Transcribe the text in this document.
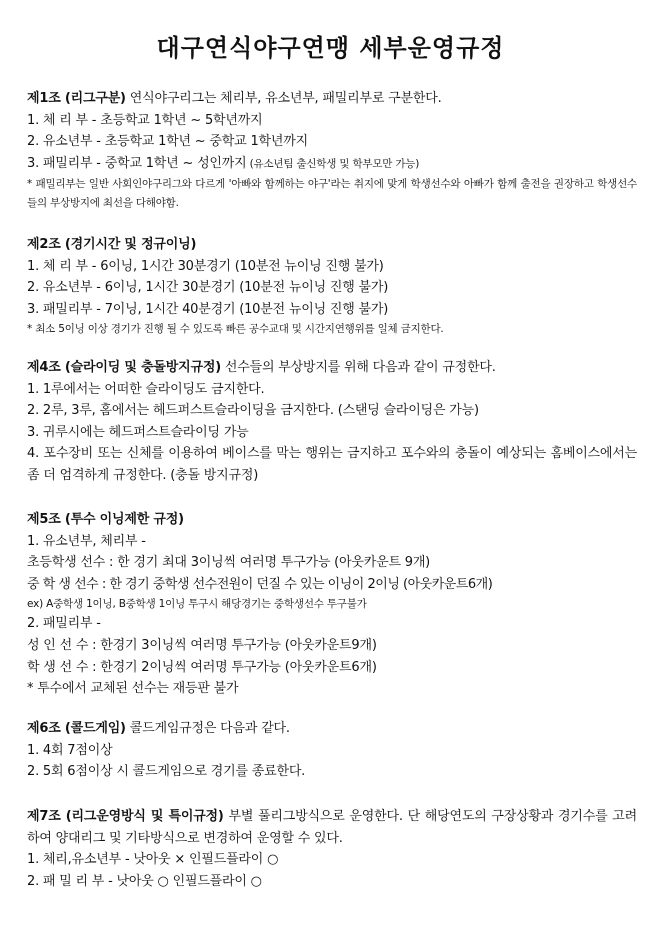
대구연식야구연맹 세부운영규정
제1조 (리그구분) 연식야구리그는 체리부, 유소년부, 패밀리부로 구분한다.
1. 체 리 부 - 초등학교 1학년 ~ 5학년까지
2. 유소년부 - 초등학교 1학년 ~ 중학교 1학년까지
3. 패밀리부 - 중학교 1학년 ~ 성인까지 (유소년팀 출신학생 및 학부모만 가능)
* 패밀리부는 일반 사회인야구리그와 다르게 '아빠와 함께하는 야구'라는 취지에 맞게 학생선수와 아빠가 함께 출전을 권장하고 학생선수들의 부상방지에 최선을 다해야함.
제2조 (경기시간 및 정규이닝)
1. 체 리 부 - 6이닝, 1시간 30분경기 (10분전 뉴이닝 진행 불가)
2. 유소년부 - 6이닝, 1시간 30분경기 (10분전 뉴이닝 진행 불가)
3. 패밀리부 - 7이닝, 1시간 40분경기 (10분전 뉴이닝 진행 불가)
* 최소 5이닝 이상 경기가 진행 될 수 있도록 빠른 공수교대 및 시간지연행위를 일체 금지한다.
제4조 (슬라이딩 및 충돌방지규정) 선수들의 부상방지를 위해 다음과 같이 규정한다.
1. 1루에서는 어떠한 슬라이딩도 금지한다.
2. 2루, 3루, 홈에서는 헤드퍼스트슬라이딩을 금지한다. (스탠딩 슬라이딩은 가능)
3. 귀루시에는 헤드퍼스트슬라이딩 가능
4. 포수장비 또는 신체를 이용하여 베이스를 막는 행위는 금지하고 포수와의 충돌이 예상되는 홈베이스에서는 좀 더 엄격하게 규정한다. (충돌 방지규정)
제5조 (투수 이닝제한 규정)
1. 유소년부, 체리부 -
초등학생 선수 : 한 경기 최대 3이닝씩 여러명 투구가능 (아웃카운트 9개)
중 학 생 선수 : 한 경기 중학생 선수전원이 던질 수 있는 이닝이 2이닝 (아웃카운트6개)
ex) A중학생 1이닝, B중학생 1이닝 투구시 해당경기는 중학생선수 투구불가
2. 패밀리부 -
성 인 선 수 : 한경기 3이닝씩 여러명 투구가능 (아웃카운트9개)
학 생 선 수 : 한경기 2이닝씩 여러명 투구가능 (아웃카운트6개)
* 투수에서 교체된 선수는 재등판 불가
제6조 (콜드게임) 콜드게임규정은 다음과 같다.
1. 4회 7점이상
2. 5회 6점이상 시 콜드게임으로 경기를 종료한다.
제7조 (리그운영방식 및 특이규정) 부별 풀리그방식으로 운영한다. 단 해당연도의 구장상황과 경기수를 고려하여 양대리그 및 기타방식으로 변경하여 운영할 수 있다.
1. 체리,유소년부 - 낫아웃 × 인필드플라이 ○
2. 패 밀 리 부 - 낫아웃 ○ 인필드플라이 ○
